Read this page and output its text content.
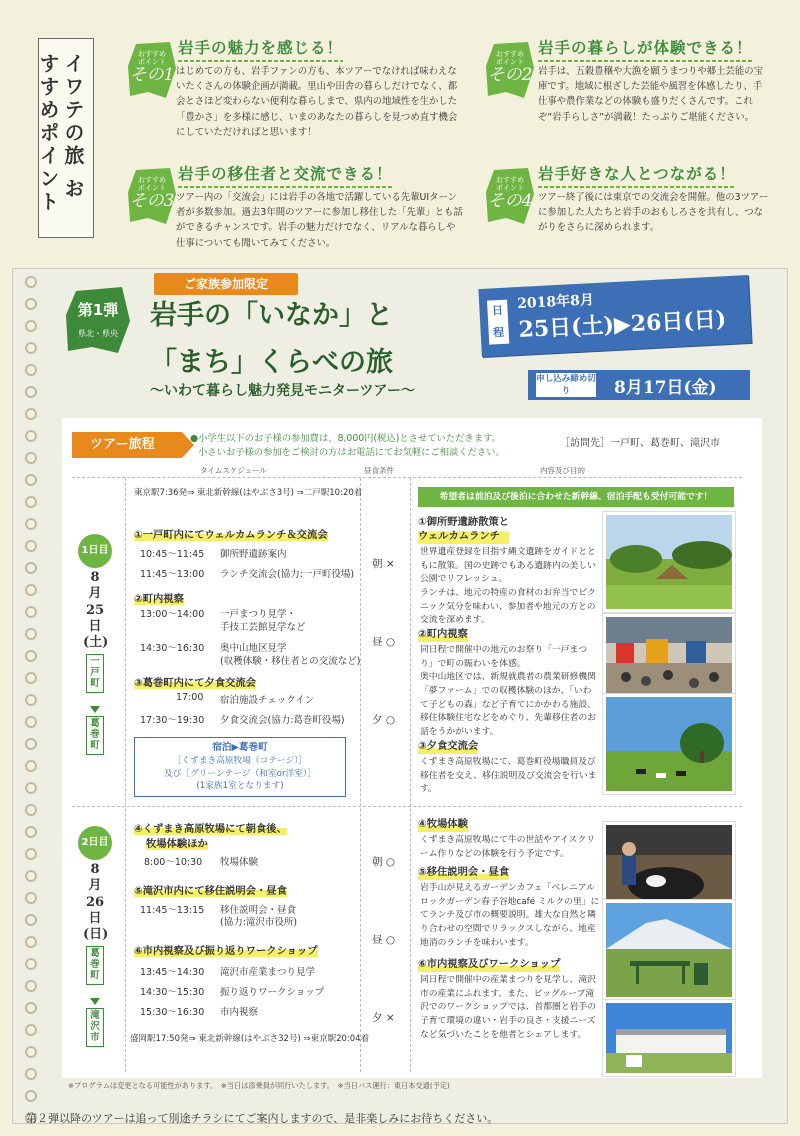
イワテの旅 おすすめポイント	おすすめ
ポイント
その1
岩手の魅力を感じる！
はじめての方も、岩手ファンの方も、本ツアーでなければ味わえないたくさんの体験企画が満載。里山や田舎の暮らしだけでなく、都会とさほど変わらない便利な暮らしまで、県内の地域性を生かした「豊かさ」を多様に感じ、いまのあなたの暮らしを見つめ直す機会にしていただければと思います！
おすすめ
ポイント
その2
岩手の暮らしが体験できる！
岩手は、五穀豊穣や大漁を願うまつりや郷土芸能の宝庫です。地域に根ざした芸能や風習を体感したり、手仕事や農作業などの体験も盛りだくさんです。これぞ“岩手らしさ”が満載！たっぷりご堪能ください。
おすすめ
ポイント
その3
岩手の移住者と交流できる！
ツアー内の「交流会」には岩手の各地で活躍している先輩UIターン者が多数参加。過去3年間のツアーに参加し移住した「先輩」とも話ができるチャンスです。岩手の魅力だけでなく、リアルな暮らしや仕事についても聞いてみてください。
おすすめ
ポイント
その4
岩手好きな人とつながる！
ツアー終了後には東京での交流会を開催。他の3ツアーに参加した人たちと岩手のおもしろさを共有し、つながりをさらに深められます。
ご家族参加限定
第1弾
県北・県央
岩手の「いなか」と
「まち」くらべの旅
〜いわて暮らし魅力発見モニターツアー〜
日程
2018年8月
25日(土)▶26日(日)
申し込み締め切り	8月17日(金)
ツアー旅程	●小学生以下のお子様の参加費は、8,000円(税込)とさせていただきます。
小さいお子様の参加をご検討の方はお電話にてお気軽にご相談ください。
［訪問先］一戸町、葛巻町、滝沢市
タイムスケジュール	昼食条件	内容及び目的
1日目
8
月
25
日
(土)
一
戸
町
葛
巻
町
東京駅7:36発⇒ 東北新幹線(はやぶさ3号) ⇒二戸駅10:20着
①一戸町内にてウェルカムランチ＆交流会
10:45〜11:45 御所野遺跡案内
11:45〜13:00 ランチ交流会(協力:一戸町役場)
②町内視察
13:00〜14:00 一戸まつり見学・
手技工芸館見学など
14:30〜16:30 奥中山地区見学
(収穫体験・移住者との交流など)
③葛巻町内にて夕食交流会
17:00 宿泊施設チェックイン
17:30〜19:30 夕食交流会(協力:葛巻町役場)
宿泊▶葛巻町
［くずまき高原牧場（コテージ）］
及び［グリーンテージ（和室or洋室）］
(1家族1室となります)
朝 ×
昼 ○
夕 ○
2日目
8
月
26
日
(日)
葛
巻
町
滝
沢
市
④くずまき高原牧場にて朝食後、
牧場体験ほか
8:00〜10:30 牧場体験
⑤滝沢市内にて移住説明会・昼食
11:45〜13:15 移住説明会・昼食
(協力:滝沢市役所)
⑥市内視察及び振り返りワークショップ
13:45〜14:30 滝沢市産業まつり見学
14:30〜15:30 振り返りワークショップ
15:30〜16:30 市内視察
盛岡駅17:50発⇒ 東北新幹線(はやぶさ32号) ⇒東京駅20:04着
朝 ○
昼 ○
夕 ×
希望者は前泊及び後泊に合わせた新幹線、宿泊手配も受付可能です！
①御所野遺跡散策と
ウェルカムランチ
世界遺産登録を目指す縄文遺跡をガイドとともに散策。国の史跡でもある遺跡内の美しい公園でリフレッシュ。
ランチは、地元の特産の食材のお弁当でピクニック気分を味わい、参加者や地元の方との交流を深めます。
②町内視察
同日程で開催中の地元のお祭り「一戸まつり」で町の賑わいを体感。
奥中山地区では、新規就農者の農業研修機関「夢ファーム」での収穫体験のほか、「いわて子どもの森」など子育てにかかわる施設、移住体験住宅などをめぐり、先輩移住者のお話をうかがいます。
③夕食交流会
くずまき高原牧場にて、葛巻町役場職員及び移住者を交え、移住説明及び交流会を行います。
④牧場体験
くずまき高原牧場にて牛の世話やアイスクリーム作りなどの体験を行う予定です。
⑤移住説明会・昼食
岩手山が見えるガーデンカフェ「ベレニアルロックガーデン春子谷地café ミルクの里」にてランチ及び市の概要説明。雄大な自然と隣り合わせの空間でリラックスしながら、地産地消のランチを味わいます。
⑥市内視察及びワークショップ
同日程で開催中の産業まつりを見学し、滝沢市の産業にふれます。また、ビッグループ滝沢でのワークショップでは、首都圏と岩手の子育て環境の違い・岩手の良さ・支援ニーズなど気づいたことを他者とシェアします。
※プログラムは変更となる可能性があります。　※当日は添乗員が同行いたします。　※当日バス運行：東日本交通(予定)
第２弾以降のツアーは追って別途チラシにてご案内しますので、是非楽しみにお待ちください。
